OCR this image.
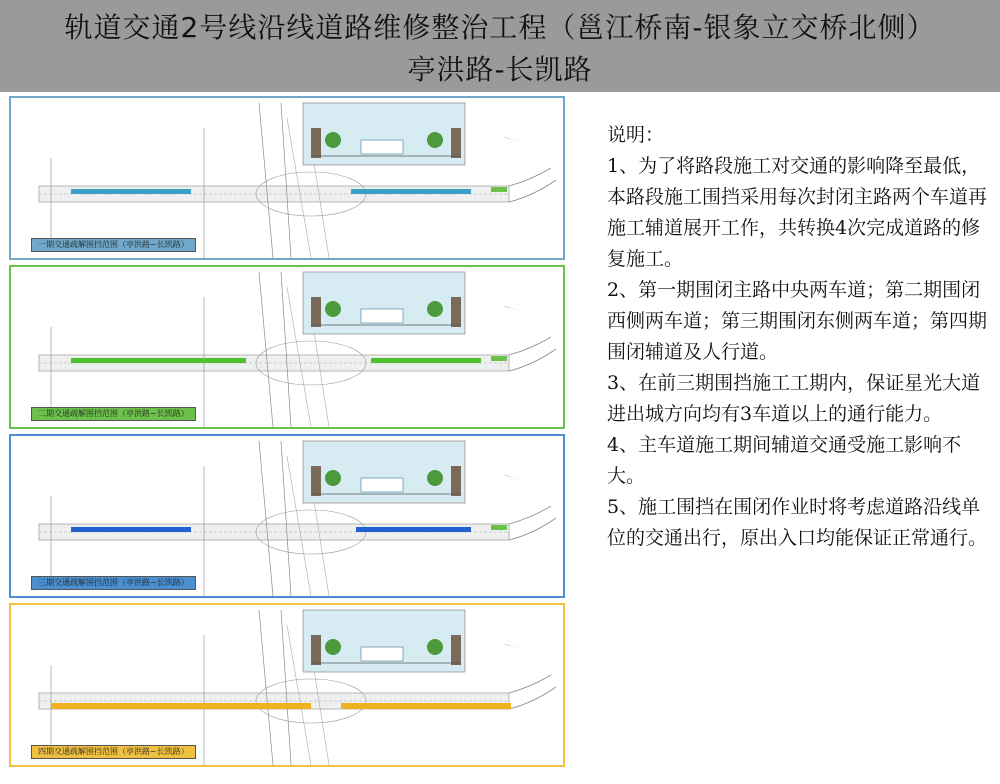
轨道交通2号线沿线道路维修整治工程（邕江桥南-银象立交桥北侧）
亭洪路-长凯路
一期交通疏解围挡范围（亭洪路~长凯路）
二期交通疏解围挡范围（亭洪路~长凯路）
三期交通疏解围挡范围（亭洪路~长凯路）
四期交通疏解围挡范围（亭洪路~长凯路）

说明：

1、为了将路段施工对交通的影响降至最低，本路段施工围挡采用每次封闭主路两个车道再施工辅道展开工作，共转换4次完成道路的修复施工。

2、第一期围闭主路中央两车道；第二期围闭西侧两车道；第三期围闭东侧两车道；第四期围闭辅道及人行道。

3、在前三期围挡施工工期内，保证星光大道进出城方向均有3车道以上的通行能力。

4、主车道施工期间辅道交通受施工影响不大。

5、施工围挡在围闭作业时将考虑道路沿线单位的交通出行，原出入口均能保证正常通行。
